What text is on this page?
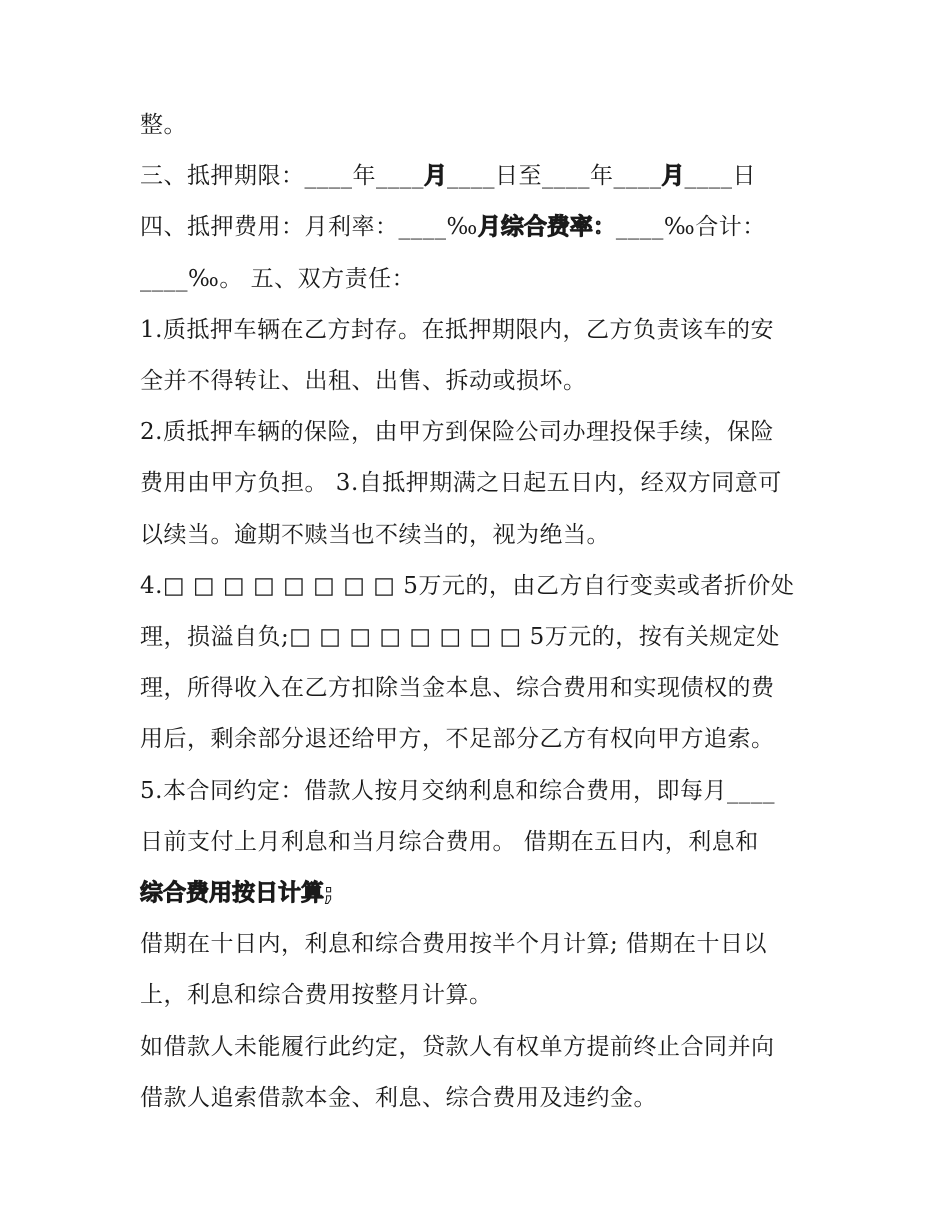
整。
三、抵押期限：____年____月____日至____年____月____日
四、抵押费用：月利率：____‰月综合费率：____‰合计：
____‰。 五、双方责任：
1.质抵押车辆在乙方封存。在抵押期限内，乙方负责该车的安
全并不得转让、出租、出售、拆动或损坏。
2.质抵押车辆的保险，由甲方到保险公司办理投保手续，保险
费用由甲方负担。 3.自抵押期满之日起五日内，经双方同意可
以续当。逾期不赎当也不续当的，视为绝当。
4.□ □ □ □ □ □ □ □ 5万元的，由乙方自行变卖或者折价处
理，损溢自负;□ □ □ □ □ □ □ □ 5万元的，按有关规定处
理，所得收入在乙方扣除当金本息、综合费用和实现债权的费
用后，剩余部分退还给甲方，不足部分乙方有权向甲方追索。
5.本合同约定：借款人按月交纳利息和综合费用，即每月____
日前支付上月利息和当月综合费用。 借期在五日内，利息和
综合费用按日计算;
借期在十日内，利息和综合费用按半个月计算; 借期在十日以
上，利息和综合费用按整月计算。
如借款人未能履行此约定，贷款人有权单方提前终止合同并向
借款人追索借款本金、利息、综合费用及违约金。
